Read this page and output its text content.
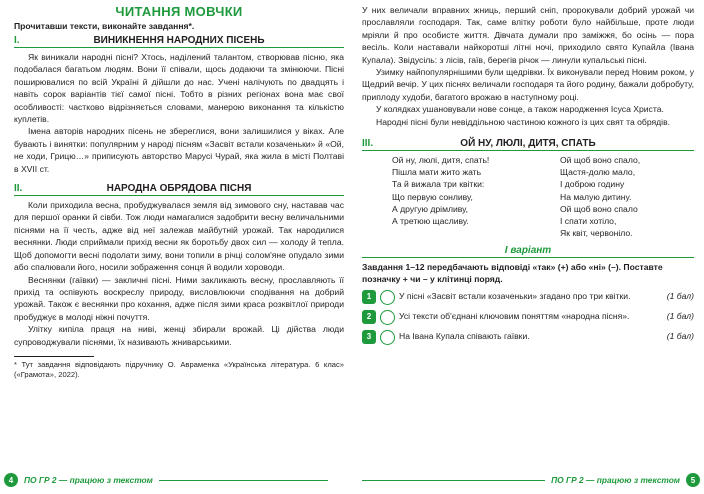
ЧИТАННЯ МОВЧКИ
Прочитавши тексти, виконайте завдання*.
І.	ВИНИКНЕННЯ НАРОДНИХ ПІСЕНЬ

Як виникали народні пісні? Хтось, наділений талантом, створював пісню, яка подобалася багатьом людям. Вони її співали, щось додаючи та змінюючи. Пісні поширювалися по всій Україні й дійшли до нас. Учені налічують по двадцять і навіть сорок варіантів тієї самої пісні. Тобто в різних регіонах вона має свої особливості: частково відрізняється словами, манерою виконання та кількістю куплетів.

Імена авторів народних пісень не збереглися, вони залишилися у віках. Але бувають і винятки: популярним у народі пісням «Засвіт встали козаченьки» й «Ой, не ходи, Грицю…» приписують авторство Марусі Чурай, яка жила в місті Полтаві в XVII ст.

ІІ.	НАРОДНА ОБРЯДОВА ПІСНЯ

Коли приходила весна, пробуджувалася земля від зимового сну, наставав час для першої оранки й сівби. Тож люди намагалися задобрити весну величальними піснями на її честь, адже від неї залежав майбутній урожай. Так народилися веснянки. Люди сприймали прихід весни як боротьбу двох сил — холоду й тепла. Щоб допомогти весні подолати зиму, вони топили в річці солом'яне опудало зими або спалювали його, носили зображення сонця й водили хороводи.

Веснянки (гаївки) — закличні пісні. Ними закликають весну, прославляють її прихід та оспівують воскреслу природу, висловлюючи сподівання на добрий урожай. Також є веснянки про кохання, адже після зими краса розквітлої природи пробуджує в молоді ніжні почуття.

Улітку кипіла праця на ниві, женці збирали врожай. Ці дійства люди супроводжували піснями, їх називають жниварськими.

* Тут завдання відповідають підручнику О. Авраменка «Українська література. 6 клас» («Грамота», 2022).
4	ПО ГР 2 — працюю з текстом

У них величали вправних жниць, перший сніп, пророкували добрий урожай чи прославляли господаря. Так, саме влітку роботи було найбільше, проте люди мріяли й про особисте життя. Дівчата думали про заміжжя, бо осінь — пора весіль. Коли наставали найкоротші літні ночі, приходило свято Купайла (Івана Купала). Звідусіль: з лісів, гаїв, берегів річок — линули купальські пісні.

Узимку найпопулярнішими були щедрівки. Їх виконували перед Новим роком, у Щедрий вечір. У цих піснях величали господаря та його родину, бажали добробуту, приплоду худоби, багатого врожаю в наступному році.

У колядках ушановували нове сонце, а також народження Ісуса Христа.

Народні пісні були невіддільною частиною кожного із цих свят та обрядів.

ІІІ.	ОЙ НУ, ЛЮЛІ, ДИТЯ, СПАТЬ
Ой ну, люлі, дитя, спать!
Пішла мати жито жать
Та й вижала три квітки:
Що первую сонливу,
А другую дрімливу,
А третюю щасливу.
Ой щоб воно спало,
Щастя-долю мало,
І доброю годину
На малую дитину.
Ой щоб воно спало
І спати хотіло,
Як квіт, червоніло.
І варіант
Завдання 1–12 передбачають відповіді «так» (+) або «ні» (–). Поставте позначку + чи – у клітинці поряд.
1	У пісні «Засвіт встали козаченьки» згадано про три квітки.	(1 бал)
2	Усі тексти об'єднані ключовим поняттям «народна пісня».	(1 бал)
3	На Івана Купала співають гаївки.	(1 бал)
ПО ГР 2 — працюю з текстом	5
